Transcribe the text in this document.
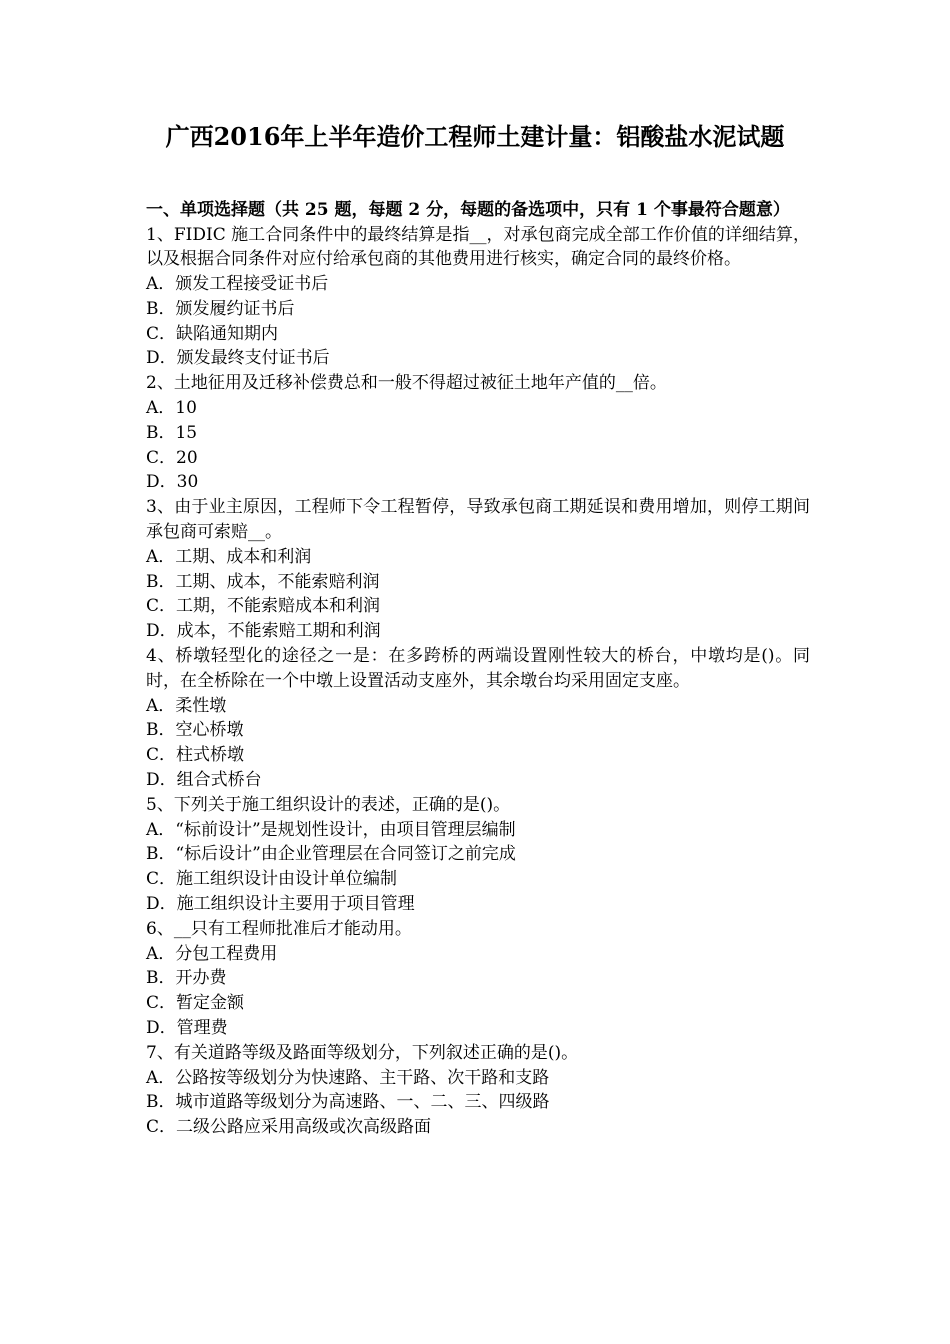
广西2016年上半年造价工程师土建计量：铝酸盐水泥试题
一、单项选择题（共 25 题，每题 2 分，每题的备选项中，只有 1 个事最符合题意）
1、FIDIC 施工合同条件中的最终结算是指__，对承包商完成全部工作价值的详细结算，以及根据合同条件对应付给承包商的其他费用进行核实，确定合同的最终价格。
A．颁发工程接受证书后
B．颁发履约证书后
C．缺陷通知期内
D．颁发最终支付证书后
2、土地征用及迁移补偿费总和一般不得超过被征土地年产值的__倍。
A．10
B．15
C．20
D．30
3、由于业主原因，工程师下令工程暂停，导致承包商工期延误和费用增加，则停工期间承包商可索赔__。
A．工期、成本和利润
B．工期、成本，不能索赔利润
C．工期，不能索赔成本和利润
D．成本，不能索赔工期和利润
4、桥墩轻型化的途径之一是：在多跨桥的两端设置刚性较大的桥台，中墩均是()。同时，在全桥除在一个中墩上设置活动支座外，其余墩台均采用固定支座。
A．柔性墩
B．空心桥墩
C．柱式桥墩
D．组合式桥台
5、下列关于施工组织设计的表述，正确的是()。
A．“标前设计”是规划性设计，由项目管理层编制
B．“标后设计”由企业管理层在合同签订之前完成
C．施工组织设计由设计单位编制
D．施工组织设计主要用于项目管理
6、__只有工程师批准后才能动用。
A．分包工程费用
B．开办费
C．暂定金额
D．管理费
7、有关道路等级及路面等级划分，下列叙述正确的是()。
A．公路按等级划分为快速路、主干路、次干路和支路
B．城市道路等级划分为高速路、一、二、三、四级路
C．二级公路应采用高级或次高级路面
